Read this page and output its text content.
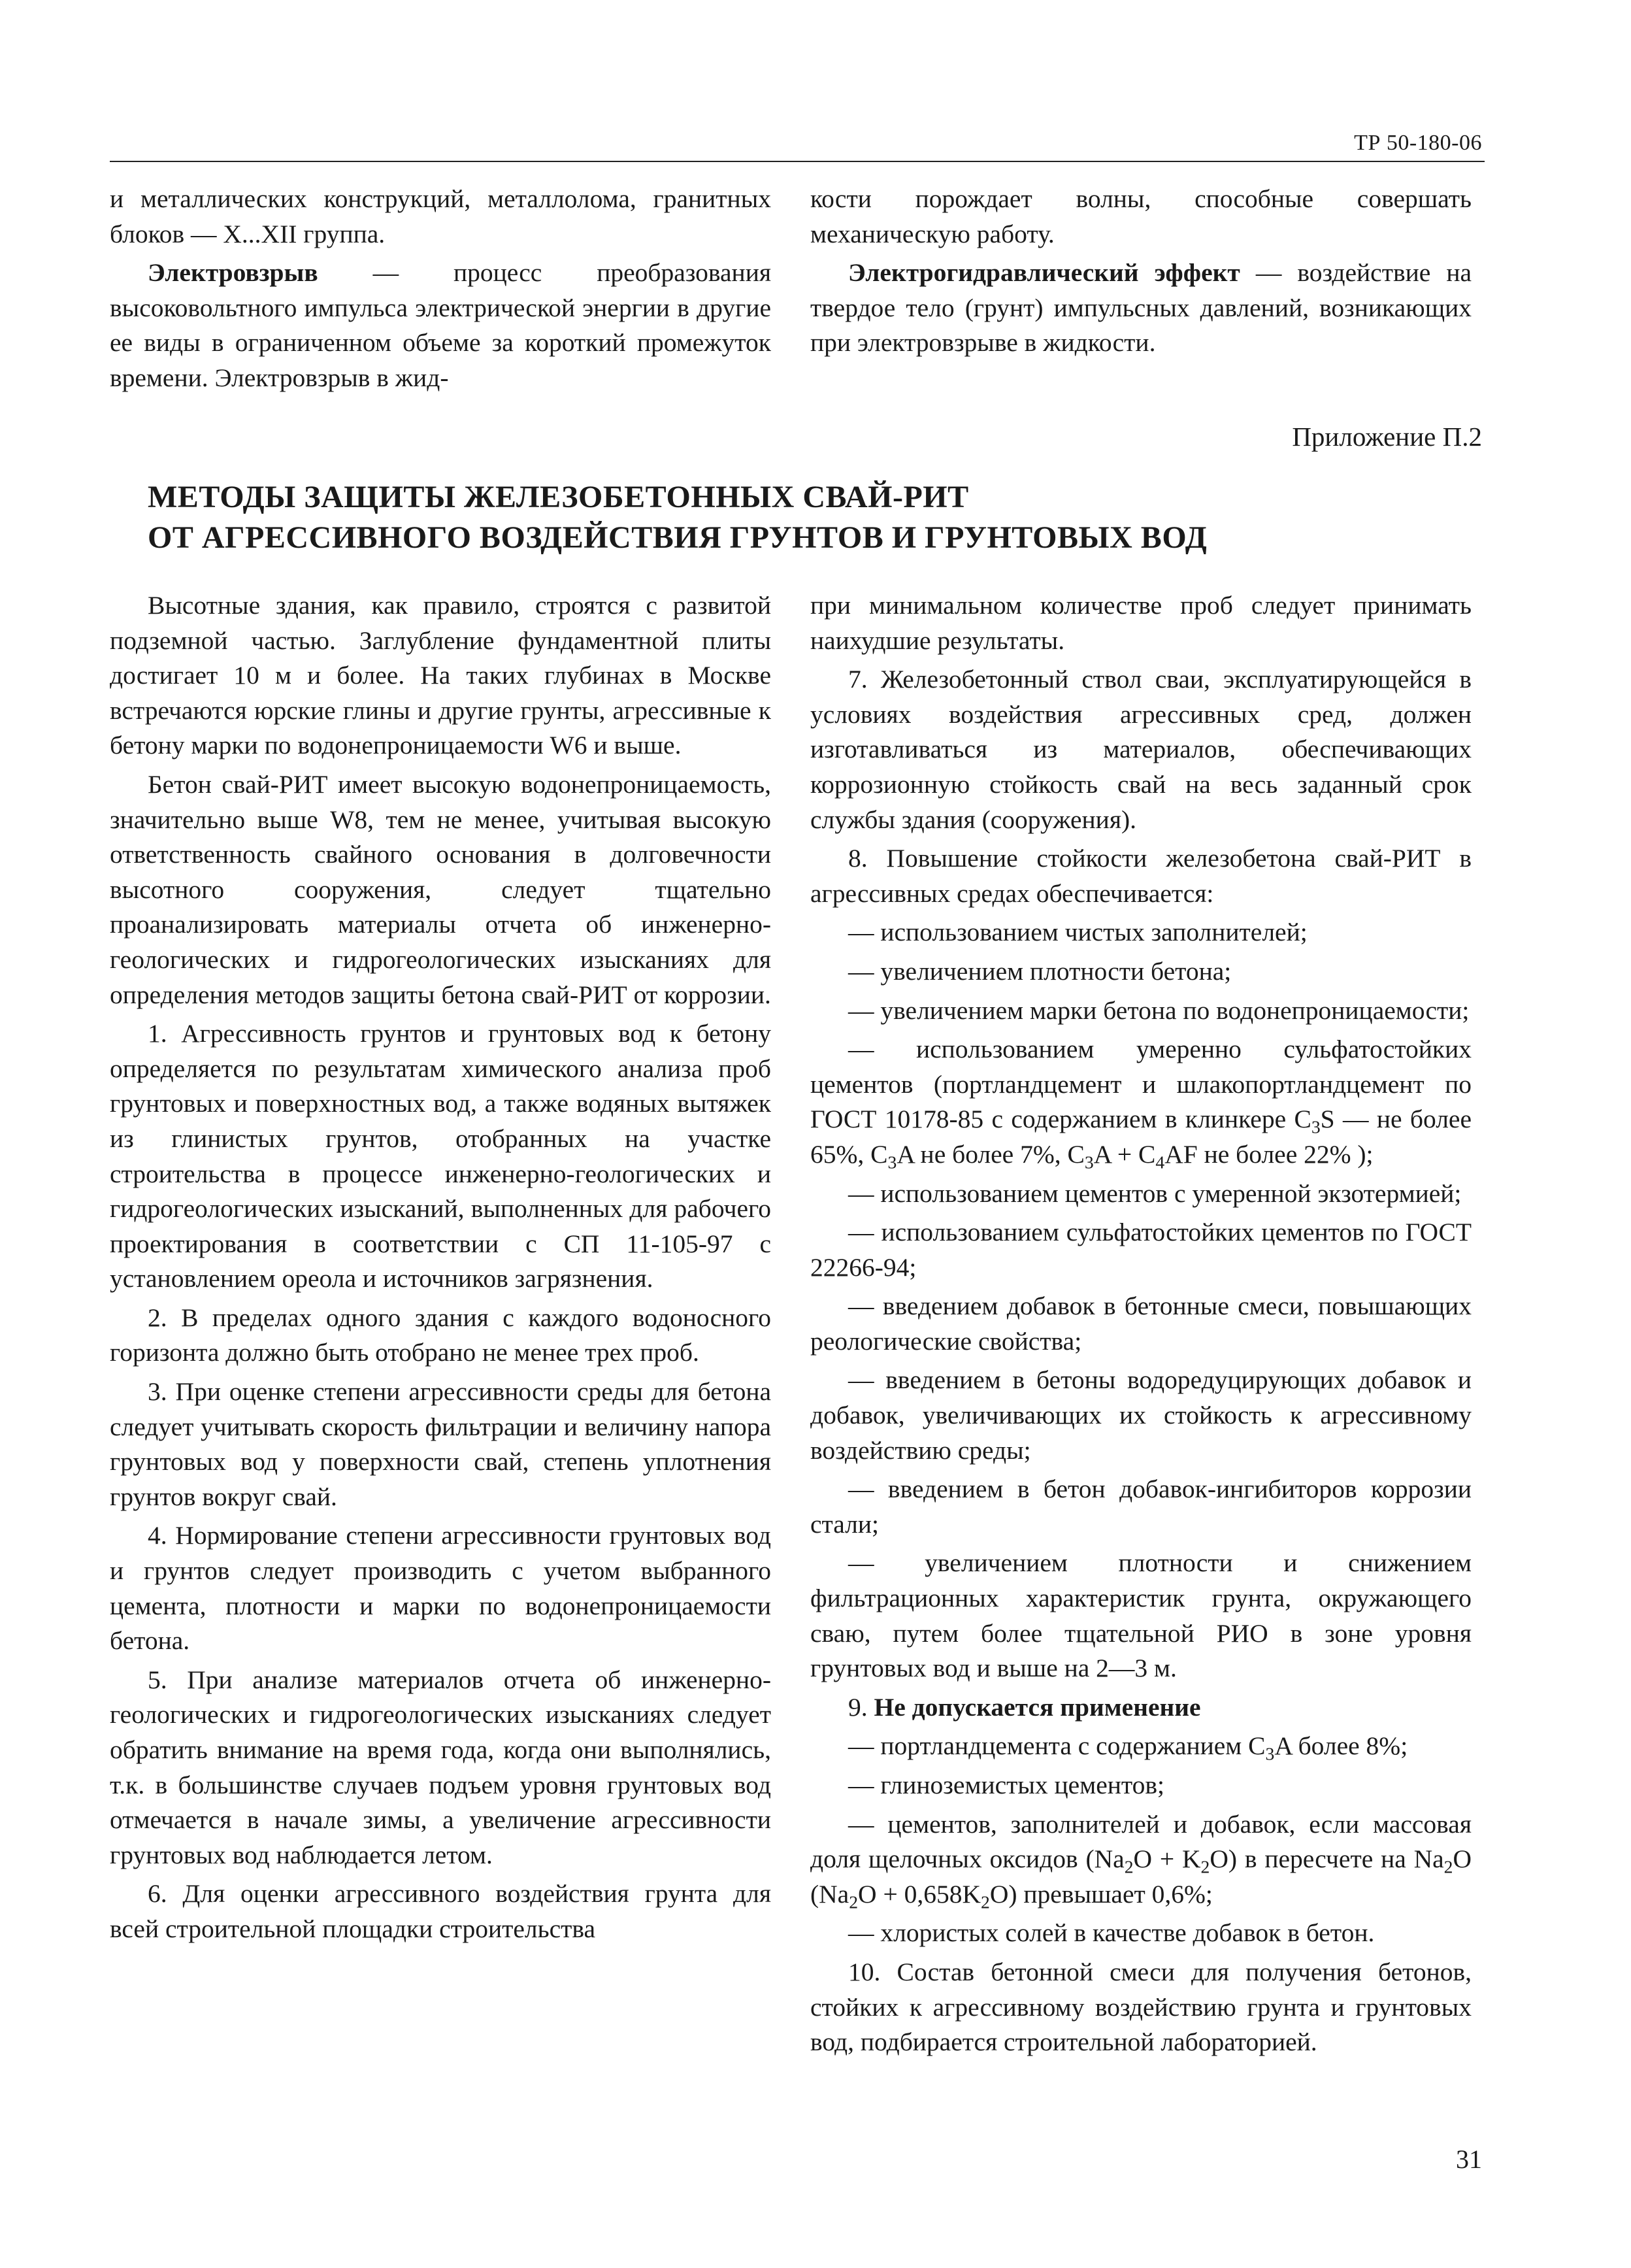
ТР 50-180-06

и металлических конструкций, металлолома, гранитных блоков — X...XII группа.

Электровзрыв — процесс преобразования высоковольтного импульса электрической энергии в другие ее виды в ограниченном объеме за короткий промежуток времени. Электровзрыв в жид-

кости порождает волны, способные совершать механическую работу.

Электрогидравлический эффект — воздействие на твердое тело (грунт) импульсных давлений, возникающих при электровзрыве в жидкости.

Приложение П.2
МЕТОДЫ ЗАЩИТЫ ЖЕЛЕЗОБЕТОННЫХ СВАЙ-РИТ
ОТ АГРЕССИВНОГО ВОЗДЕЙСТВИЯ ГРУНТОВ И ГРУНТОВЫХ ВОД

Высотные здания, как правило, строятся с развитой подземной частью. Заглубление фундаментной плиты достигает 10 м и более. На таких глубинах в Москве встречаются юрские глины и другие грунты, агрессивные к бетону марки по водонепроницаемости W6 и выше.

Бетон свай-РИТ имеет высокую водонепроницаемость, значительно выше W8, тем не менее, учитывая высокую ответственность свайного основания в долговечности высотного сооружения, следует тщательно проанализировать материалы отчета об инженерно-геологических и гидрогеологических изысканиях для определения методов защиты бетона свай-РИТ от коррозии.

1. Агрессивность грунтов и грунтовых вод к бетону определяется по результатам химического анализа проб грунтовых и поверхностных вод, а также водяных вытяжек из глинистых грунтов, отобранных на участке строительства в процессе инженерно-геологических и гидрогеологических изысканий, выполненных для рабочего проектирования в соответствии с СП 11-105-97 с установлением ореола и источников загрязнения.

2. В пределах одного здания с каждого водоносного горизонта должно быть отобрано не менее трех проб.

3. При оценке степени агрессивности среды для бетона следует учитывать скорость фильтрации и величину напора грунтовых вод у поверхности свай, степень уплотнения грунтов вокруг свай.

4. Нормирование степени агрессивности грунтовых вод и грунтов следует производить с учетом выбранного цемента, плотности и марки по водонепроницаемости бетона.

5. При анализе материалов отчета об инженерно-геологических и гидрогеологических изысканиях следует обратить внимание на время года, когда они выполнялись, т.к. в большинстве случаев подъем уровня грунтовых вод отмечается в начале зимы, а увеличение агрессивности грунтовых вод наблюдается летом.

6. Для оценки агрессивного воздействия грунта для всей строительной площадки строительства

при минимальном количестве проб следует принимать наихудшие результаты.

7. Железобетонный ствол сваи, эксплуатирующейся в условиях воздействия агрессивных сред, должен изготавливаться из материалов, обеспечивающих коррозионную стойкость свай на весь заданный срок службы здания (сооружения).

8. Повышение стойкости железобетона свай-РИТ в агрессивных средах обеспечивается:

— использованием чистых заполнителей;

— увеличением плотности бетона;

— увеличением марки бетона по водонепроницаемости;

— использованием умеренно сульфатостойких цементов (портландцемент и шлакопортландцемент по ГОСТ 10178-85 с содержанием в клинкере $C_3S$ — не более 65%, $C_3A$ не более 7%, $C_3A + C_4AF$ не более 22% );

— использованием цементов с умеренной экзотермией;

— использованием сульфатостойких цементов по ГОСТ 22266-94;

— введением добавок в бетонные смеси, повышающих реологические свойства;

— введением в бетоны водоредуцирующих добавок и добавок, увеличивающих их стойкость к агрессивному воздействию среды;

— введением в бетон добавок-ингибиторов коррозии стали;

— увеличением плотности и снижением фильтрационных характеристик грунта, окружающего сваю, путем более тщательной РИО в зоне уровня грунтовых вод и выше на 2—3 м.

9. Не допускается применение

— портландцемента с содержанием $C_3A$ более 8%;

— глиноземистых цементов;

— цементов, заполнителей и добавок, если массовая доля щелочных оксидов $(Na_2O + K_2O)$ в пересчете на $Na_2O$ $(Na_2O + 0,658K_2O)$ превышает 0,6%;

— хлористых солей в качестве добавок в бетон.

10. Состав бетонной смеси для получения бетонов, стойких к агрессивному воздействию грунта и грунтовых вод, подбирается строительной лабораторией.

31
